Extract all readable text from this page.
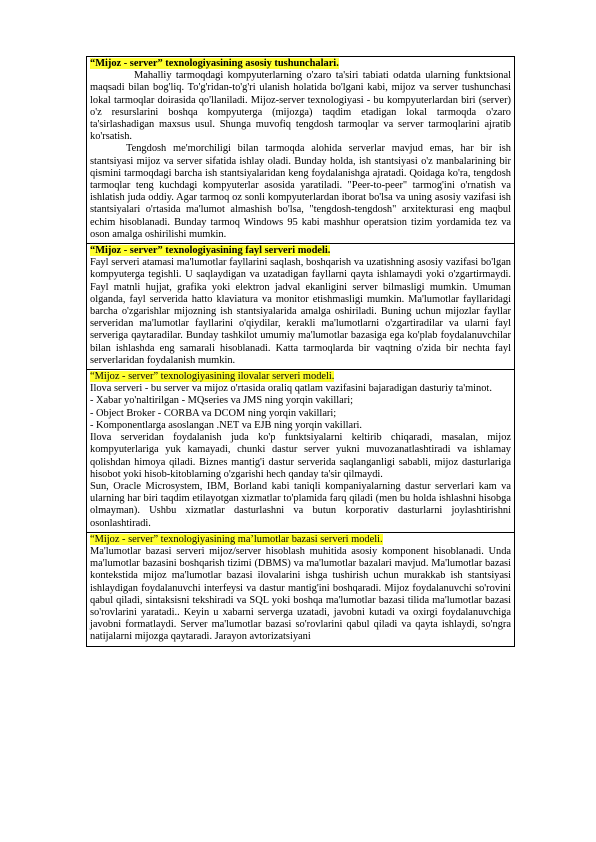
“Mijoz - server” texnologiyasining asosiy tushunchalari.

Mahalliy tarmoqdagi kompyuterlarning o'zaro ta'siri tabiati odatda ularning funktsional maqsadi bilan bog'liq. To'g'ridan-to'g'ri ulanish holatida bo'lgani kabi, mijoz va server tushunchasi lokal tarmoqlar doirasida qo'llaniladi. Mijoz-server texnologiyasi - bu kompyuterlardan biri (server) o'z resurslarini boshqa kompyuterga (mijozga) taqdim etadigan lokal tarmoqda o'zaro ta'sirlashadigan maxsus usul. Shunga muvofiq tengdosh tarmoqlar va server tarmoqlarini ajratib ko'rsatish.

Tengdosh me'morchiligi bilan tarmoqda alohida serverlar mavjud emas, har bir ish stantsiyasi mijoz va server sifatida ishlay oladi. Bunday holda, ish stantsiyasi o'z manbalarining bir qismini tarmoqdagi barcha ish stantsiyalaridan keng foydalanishga ajratadi. Qoidaga ko'ra, tengdosh tarmoqlar teng kuchdagi kompyuterlar asosida yaratiladi. "Peer-to-peer" tarmog'ini o'rnatish va ishlatish juda oddiy. Agar tarmoq oz sonli kompyuterlardan iborat bo'lsa va uning asosiy vazifasi ish stantsiyalari o'rtasida ma'lumot almashish bo'lsa, "tengdosh-tengdosh" arxitekturasi eng maqbul echim hisoblanadi. Bunday tarmoq Windows 95 kabi mashhur operatsion tizim yordamida tez va oson amalga oshirilishi mumkin.

“Mijoz - server” texnologiyasining fayl serveri modeli.

Fayl serveri atamasi ma'lumotlar fayllarini saqlash, boshqarish va uzatishning asosiy vazifasi bo'lgan kompyuterga tegishli. U saqlaydigan va uzatadigan fayllarni qayta ishlamaydi yoki o'zgartirmaydi. Fayl matnli hujjat, grafika yoki elektron jadval ekanligini server bilmasligi mumkin. Umuman olganda, fayl serverida hatto klaviatura va monitor etishmasligi mumkin. Ma'lumotlar fayllaridagi barcha o'zgarishlar mijozning ish stantsiyalarida amalga oshiriladi. Buning uchun mijozlar fayllar serveridan ma'lumotlar fayllarini o'qiydilar, kerakli ma'lumotlarni o'zgartiradilar va ularni fayl serveriga qaytaradilar. Bunday tashkilot umumiy ma'lumotlar bazasiga ega ko'plab foydalanuvchilar bilan ishlashda eng samarali hisoblanadi. Katta tarmoqlarda bir vaqtning o'zida bir nechta fayl serverlaridan foydalanish mumkin.

“Mijoz - server” texnologiyasining ilovalar serveri modeli.

Ilova serveri - bu server va mijoz o'rtasida oraliq qatlam vazifasini bajaradigan dasturiy ta'minot.

- Xabar yo'naltirilgan - MQseries va JMS ning yorqin vakillari;

- Object Broker - CORBA va DCOM ning yorqin vakillari;

- Komponentlarga asoslangan .NET va EJB ning yorqin vakillari.

Ilova serveridan foydalanish juda ko'p funktsiyalarni keltirib chiqaradi, masalan, mijoz kompyuterlariga yuk kamayadi, chunki dastur server yukni muvozanatlashtiradi va ishlamay qolishdan himoya qiladi. Biznes mantig'i dastur serverida saqlanganligi sababli, mijoz dasturlariga hisobot yoki hisob-kitoblarning o'zgarishi hech qanday ta'sir qilmaydi.

Sun, Oracle Microsystem, IBM, Borland kabi taniqli kompaniyalarning dastur serverlari kam va ularning har biri taqdim etilayotgan xizmatlar to'plamida farq qiladi (men bu holda ishlashni hisobga olmayman). Ushbu xizmatlar dasturlashni va butun korporativ dasturlarni joylashtirishni osonlashtiradi.

“Mijoz - server” texnologiyasining ma’lumotlar bazasi serveri modeli.

Ma'lumotlar bazasi serveri mijoz/server hisoblash muhitida asosiy komponent hisoblanadi. Unda ma'lumotlar bazasini boshqarish tizimi (DBMS) va ma'lumotlar bazalari mavjud. Ma'lumotlar bazasi kontekstida mijoz ma'lumotlar bazasi ilovalarini ishga tushirish uchun murakkab ish stantsiyasi ishlaydigan foydalanuvchi interfeysi va dastur mantig'ini boshqaradi. Mijoz foydalanuvchi so'rovini qabul qiladi, sintaksisni tekshiradi va SQL yoki boshqa ma'lumotlar bazasi tilida ma'lumotlar bazasi so'rovlarini yaratadi.. Keyin u xabarni serverga uzatadi, javobni kutadi va oxirgi foydalanuvchiga javobni formatlaydi. Server ma'lumotlar bazasi so'rovlarini qabul qiladi va qayta ishlaydi, so'ngra natijalarni mijozga qaytaradi. Jarayon avtorizatsiyani
